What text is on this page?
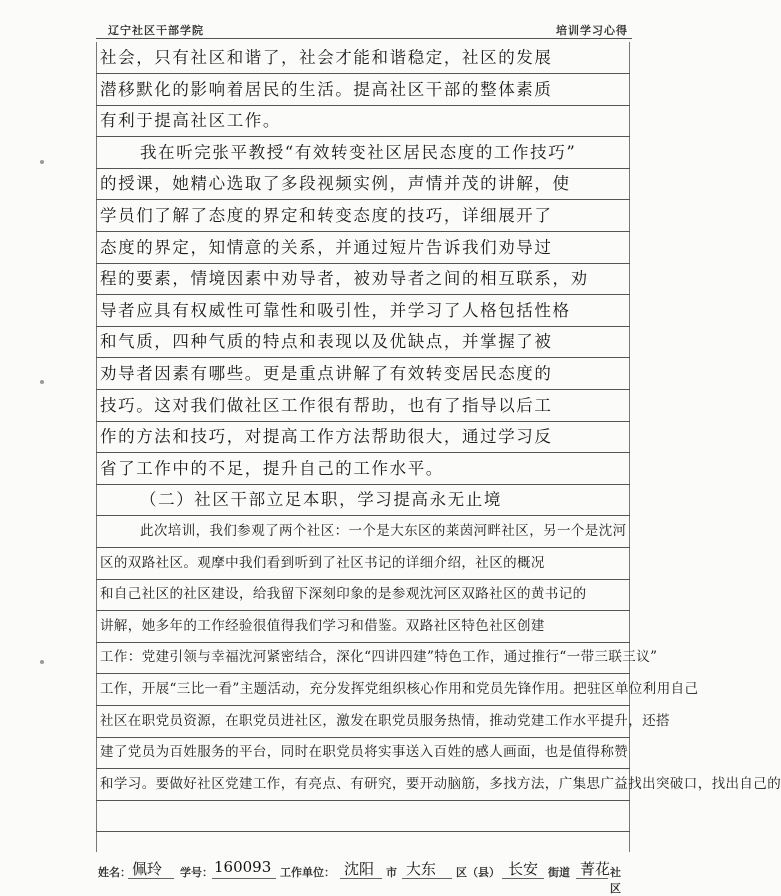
辽宁社区干部学院	培训学习心得
社会，只有社区和谐了，社会才能和谐稳定，社区的发展
潜移默化的影响着居民的生活。提高社区干部的整体素质
有利于提高社区工作。
我在听完张平教授“有效转变社区居民态度的工作技巧”
的授课，她精心选取了多段视频实例，声情并茂的讲解，使
学员们了解了态度的界定和转变态度的技巧，详细展开了
态度的界定，知情意的关系，并通过短片告诉我们劝导过
程的要素，情境因素中劝导者，被劝导者之间的相互联系，劝
导者应具有权威性可靠性和吸引性，并学习了人格包括性格
和气质，四种气质的特点和表现以及优缺点，并掌握了被
劝导者因素有哪些。更是重点讲解了有效转变居民态度的
技巧。这对我们做社区工作很有帮助，也有了指导以后工
作的方法和技巧，对提高工作方法帮助很大，通过学习反
省了工作中的不足，提升自己的工作水平。
（二）社区干部立足本职，学习提高永无止境
此次培训，我们参观了两个社区：一个是大东区的莱茵河畔社区，另一个是沈河
区的双路社区。观摩中我们看到听到了社区书记的详细介绍，社区的概况
和自己社区的社区建设，给我留下深刻印象的是参观沈河区双路社区的黄书记的
讲解，她多年的工作经验很值得我们学习和借鉴。双路社区特色社区创建
工作：党建引领与幸福沈河紧密结合，深化“四讲四建”特色工作，通过推行“一带三联三议”
工作，开展“三比一看”主题活动，充分发挥党组织核心作用和党员先锋作用。把驻区单位利用自己
社区在职党员资源，在职党员进社区，激发在职党员服务热情，推动党建工作水平提升，还搭
建了党员为百姓服务的平台，同时在职党员将实事送入百姓的感人画面，也是值得称赞
和学习。要做好社区党建工作，有亮点、有研究，要开动脑筋，多找方法，广集思广益找出突破口，找出自己的
姓名： 佩玲 学号： 160093 工作单位： 沈阳 市 大东 区（县） 长安 街道 菁花 社区
